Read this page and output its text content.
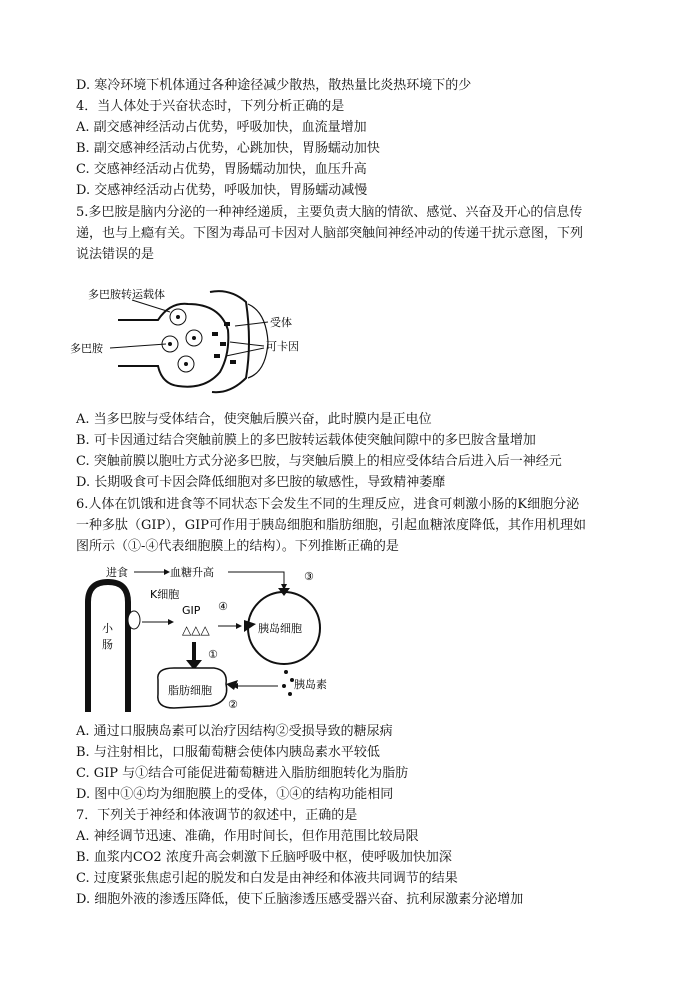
D. 寒冷环境下机体通过各种途径减少散热，散热量比炎热环境下的少
4．当人体处于兴奋状态时，下列分析正确的是
A. 副交感神经活动占优势，呼吸加快，血流量增加
B. 副交感神经活动占优势，心跳加快，胃肠蠕动加快
C. 交感神经活动占优势，胃肠蠕动加快，血压升高
D. 交感神经活动占优势，呼吸加快，胃肠蠕动减慢
5.多巴胺是脑内分泌的一种神经递质，主要负责大脑的情欲、感觉、兴奋及开心的信息传
递，也与上瘾有关。下图为毒品可卡因对人脑部突触间神经冲动的传递干扰示意图，下列
说法错误的是
多巴胺转运载体
多巴胺
受体
可卡因
A. 当多巴胺与受体结合，使突触后膜兴奋，此时膜内是正电位
B. 可卡因通过结合突触前膜上的多巴胺转运载体使突触间隙中的多巴胺含量增加
C. 突触前膜以胞吐方式分泌多巴胺，与突触后膜上的相应受体结合后进入后一神经元
D. 长期吸食可卡因会降低细胞对多巴胺的敏感性，导致精神萎靡
6.人体在饥饿和进食等不同状态下会发生不同的生理反应，进食可刺激小肠的K细胞分泌
一种多肽（GIP），GIP可作用于胰岛细胞和脂肪细胞，引起血糖浓度降低，其作用机理如
图所示（①-④代表细胞膜上的结构）。下列推断正确的是
进食	血糖升高	③
小
肠
K细胞
GIP
△△△
④
胰岛细胞
胰岛素
①
脂肪细胞
②
A. 通过口服胰岛素可以治疗因结构②受损导致的糖尿病
B. 与注射相比，口服葡萄糖会使体内胰岛素水平较低
C. GIP 与①结合可能促进葡萄糖进入脂肪细胞转化为脂肪
D. 图中①④均为细胞膜上的受体，①④的结构功能相同
7．下列关于神经和体液调节的叙述中，正确的是
A. 神经调节迅速、准确，作用时间长，但作用范围比较局限
B. 血浆内CO2 浓度升高会刺激下丘脑呼吸中枢，使呼吸加快加深
C. 过度紧张焦虑引起的脱发和白发是由神经和体液共同调节的结果
D. 细胞外液的渗透压降低，使下丘脑渗透压感受器兴奋、抗利尿激素分泌增加
